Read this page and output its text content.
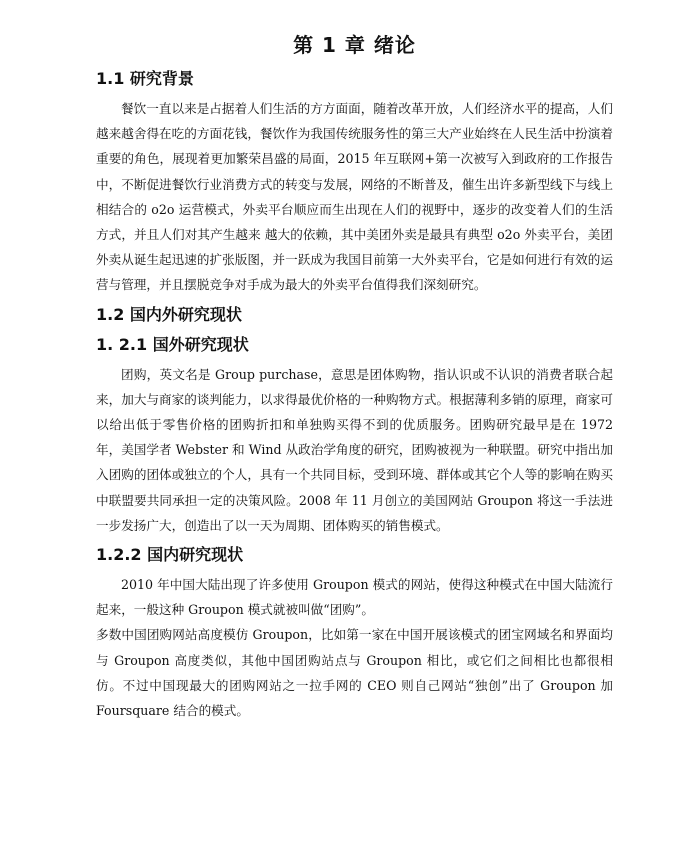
第 1 章 绪论
1.1 研究背景

餐饮一直以来是占据着人们生活的方方面面，随着改革开放，人们经济水平的提高，人们越来越舍得在吃的方面花钱，餐饮作为我国传统服务性的第三大产业始终在人民生活中扮演着重要的角色，展现着更加繁荣昌盛的局面，2015 年互联网+第一次被写入到政府的工作报告中，不断促进餐饮行业消费方式的转变与发展，网络的不断普及，催生出许多新型线下与线上相结合的 o2o 运营模式，外卖平台顺应而生出现在人们的视野中，逐步的改变着人们的生活方式，并且人们对其产生越来 越大的依赖，其中美团外卖是最具有典型 o2o 外卖平台，美团外卖从诞生起迅速的扩张版图，并一跃成为我国目前第一大外卖平台，它是如何进行有效的运营与管理，并且摆脱竞争对手成为最大的外卖平台值得我们深刻研究。

1.2 国内外研究现状
1. 2.1 国外研究现状

团购，英文名是 Group purchase，意思是团体购物，指认识或不认识的消费者联合起来，加大与商家的谈判能力，以求得最优价格的一种购物方式。根据薄利多销的原理，商家可以给出低于零售价格的团购折扣和单独购买得不到的优质服务。团购研究最早是在 1972 年，美国学者 Webster 和 Wind 从政治学角度的研究，团购被视为一种联盟。研究中指出加入团购的团体或独立的个人，具有一个共同目标，受到环境、群体或其它个人等的影响在购买中联盟要共同承担一定的决策风险。2008 年 11 月创立的美国网站 Groupon 将这一手法进一步发扬广大，创造出了以一天为周期、团体购买的销售模式。

1.2.2 国内研究现状

2010 年中国大陆出现了许多使用 Groupon 模式的网站，使得这种模式在中国大陆流行起来，一般这种 Groupon 模式就被叫做“团购”。

多数中国团购网站高度模仿 Groupon，比如第一家在中国开展该模式的团宝网域名和界面均与 Groupon 高度类似，其他中国团购站点与 Groupon 相比，或它们之间相比也都很相仿。不过中国现最大的团购网站之一拉手网的 CEO 则自己网站“独创”出了 Groupon 加 Foursquare 结合的模式。
